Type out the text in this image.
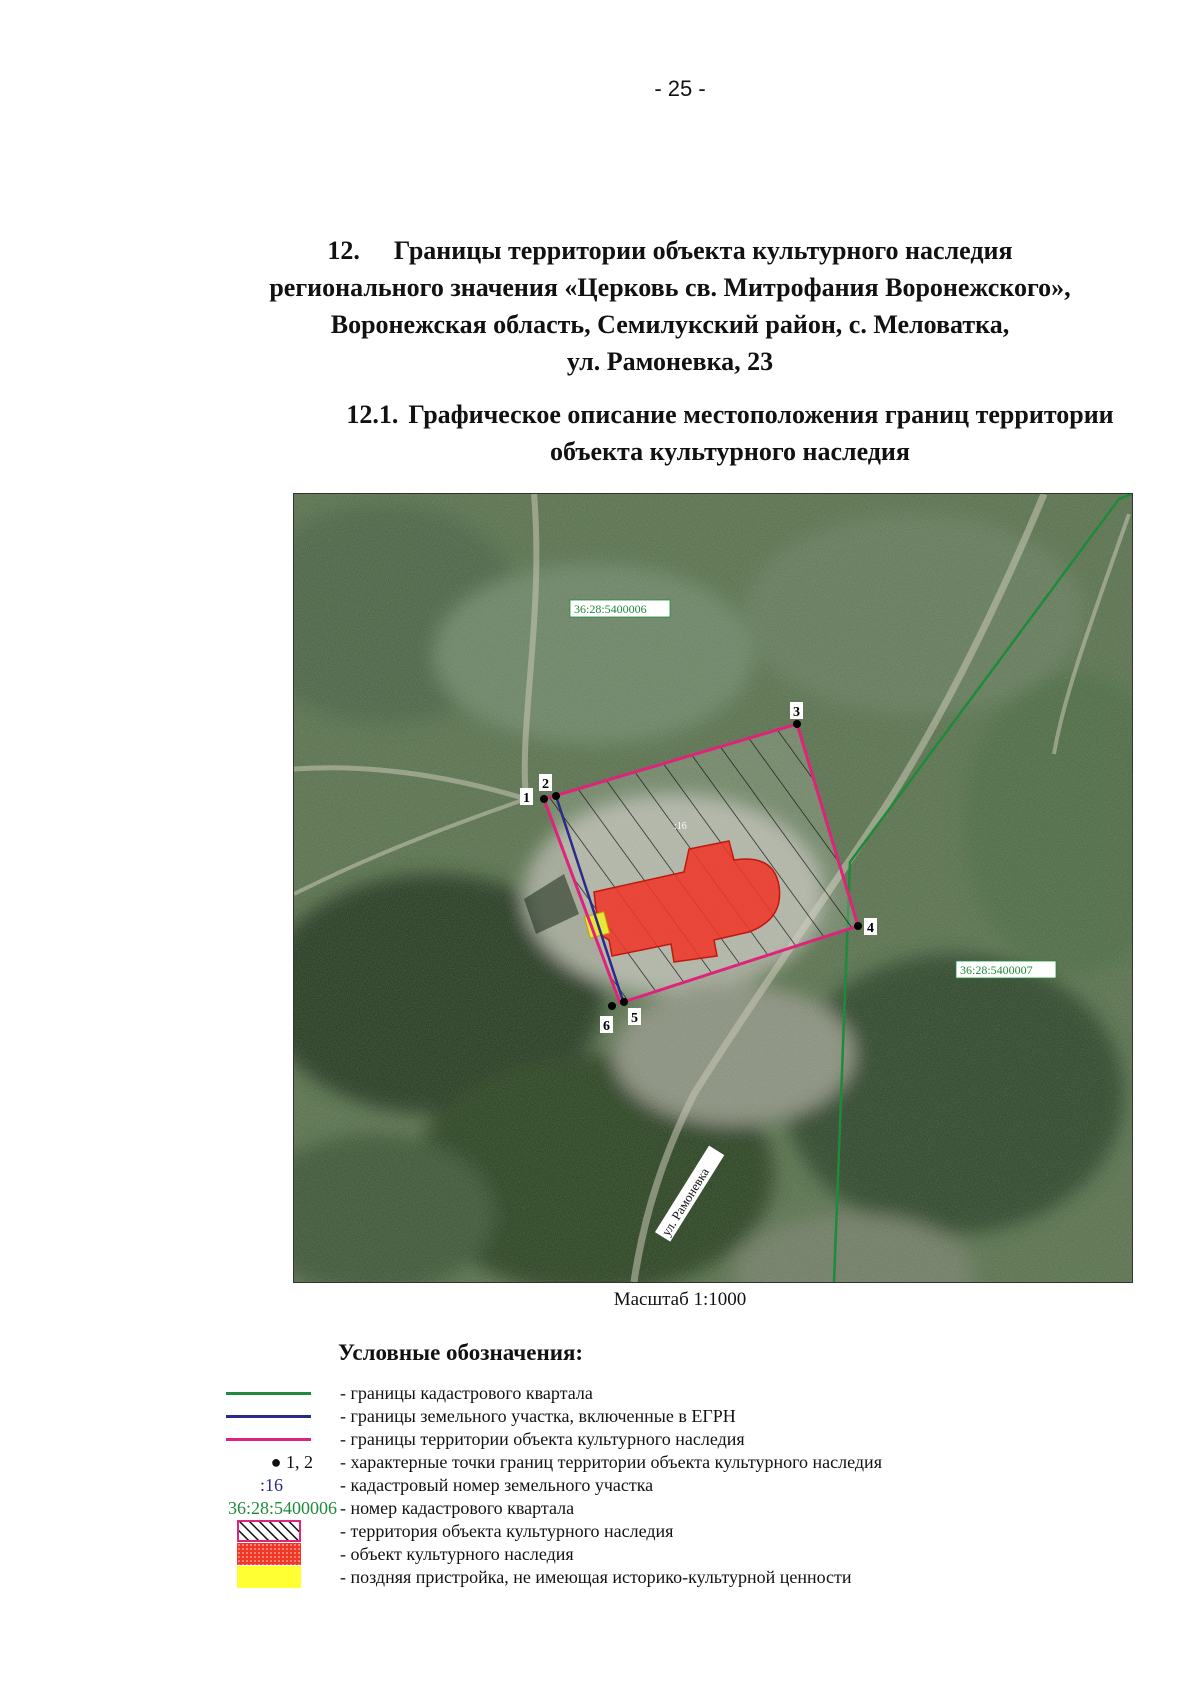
- 25 -
12. Границы территории объекта культурного наследия
регионального значения «Церковь св. Митрофания Воронежского»,
Воронежская область, Семилукский район, с. Меловатка,
ул. Рамоневка, 23
12.1. Графическое описание местоположения границ территории
объекта культурного наследия
1
2
3
4
5
6
:16
36:28:5400006
36:28:5400007
ул. Рамоневка
Масштаб 1:1000
Условные обозначения:
- границы кадастрового квартала
- границы земельного участка, включенные в ЕГРН
- границы территории объекта культурного наследия
● 1, 2 - характерные точки границ территории объекта культурного наследия
:16	- кадастровый номер земельного участка
36:28:5400006 - номер кадастрового квартала
- территория объекта культурного наследия
- объект культурного наследия
- поздняя пристройка, не имеющая историко-культурной ценности
